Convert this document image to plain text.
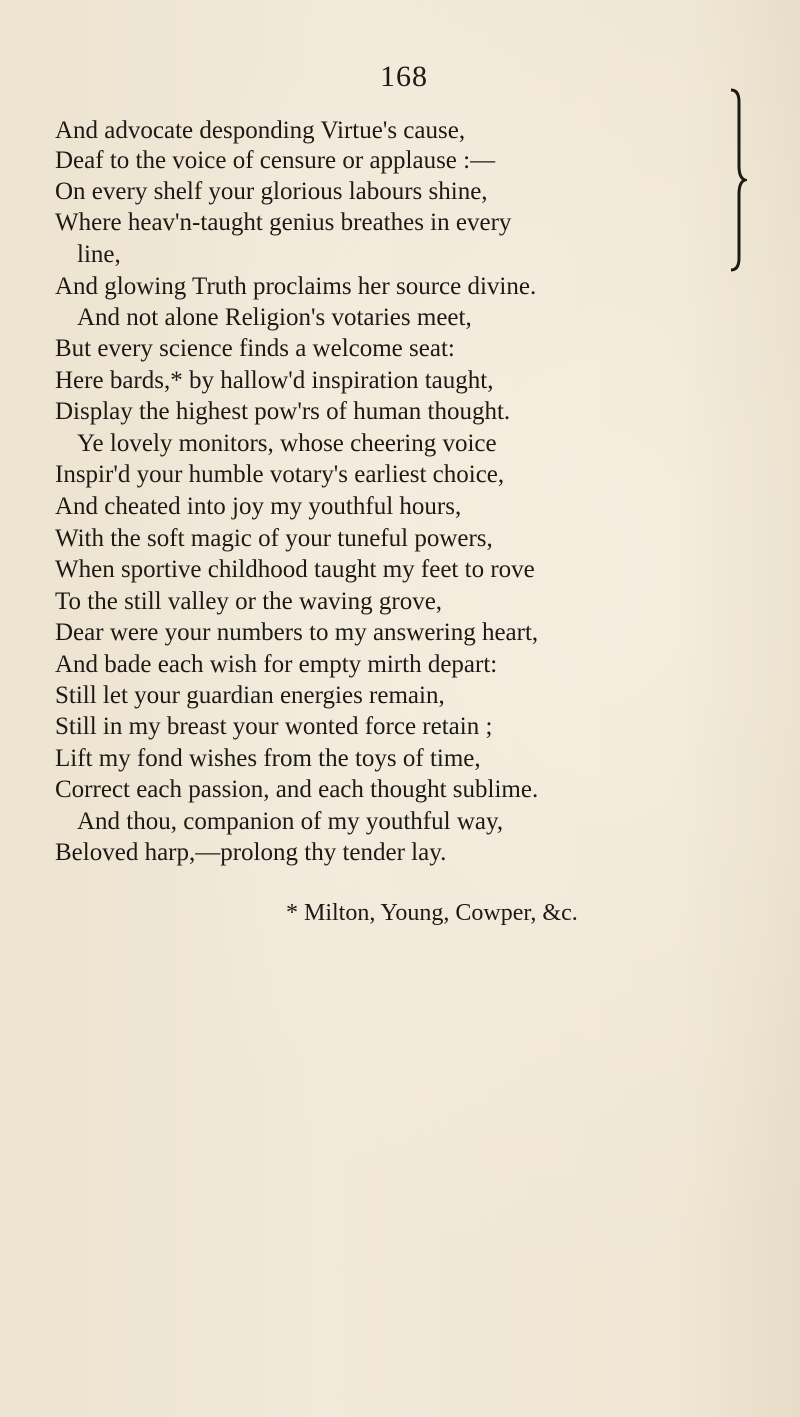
168
And advocate desponding Virtue's cause,
Deaf to the voice of censure or applause :—
On every shelf your glorious labours shine,
Where heav'n-taught genius breathes in every
line,
And glowing Truth proclaims her source divine.
And not alone Religion's votaries meet,
But every science finds a welcome seat:
Here bards,* by hallow'd inspiration taught,
Display the highest pow'rs of human thought.
Ye lovely monitors, whose cheering voice
Inspir'd your humble votary's earliest choice,
And cheated into joy my youthful hours,
With the soft magic of your tuneful powers,
When sportive childhood taught my feet to rove
To the still valley or the waving grove,
Dear were your numbers to my answering heart,
And bade each wish for empty mirth depart:
Still let your guardian energies remain,
Still in my breast your wonted force retain ;
Lift my fond wishes from the toys of time,
Correct each passion, and each thought sublime.
And thou, companion of my youthful way,
Beloved harp,—prolong thy tender lay.
* Milton, Young, Cowper, &c.
